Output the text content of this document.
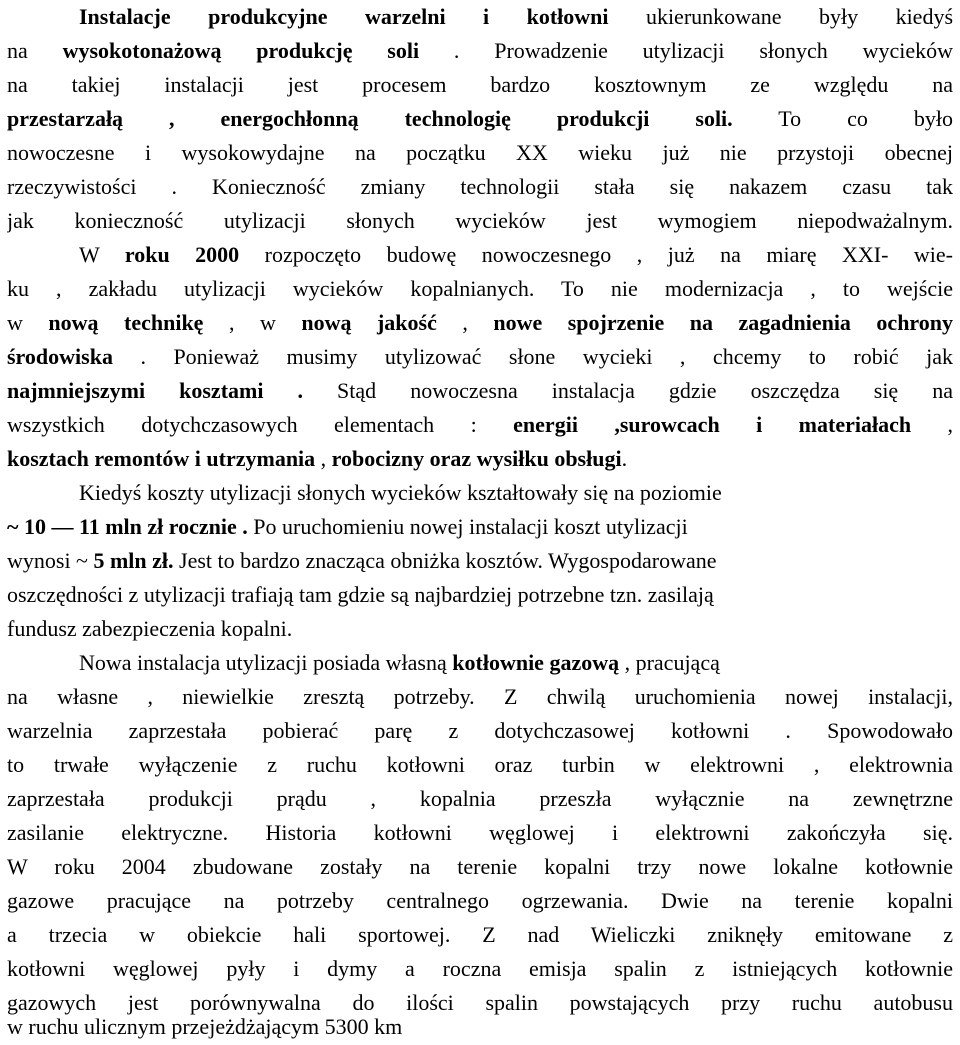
Instalacje produkcyjne warzelni i kotłowni ukierunkowane były kiedyś
na wysokotonażową produkcję soli . Prowadzenie utylizacji słonych wycieków
na takiej instalacji jest procesem bardzo kosztownym ze względu na
przestarzałą , energochłonną technologię produkcji soli. To co było
nowoczesne i wysokowydajne na początku XX wieku już nie przystoji obecnej
rzeczywistości . Konieczność zmiany technologii stała się nakazem czasu tak
jak konieczność utylizacji słonych wycieków jest wymogiem niepodważalnym.
W roku 2000 rozpoczęto budowę nowoczesnego , już na miarę XXI- wie-
ku , zakładu utylizacji wycieków kopalnianych. To nie modernizacja , to wejście
w nową technikę , w nową jakość , nowe spojrzenie na zagadnienia ochrony
środowiska . Ponieważ musimy utylizować słone wycieki , chcemy to robić jak
najmniejszymi kosztami . Stąd nowoczesna instalacja gdzie oszczędza się na
wszystkich dotychczasowych elementach : energii ,surowcach i materiałach ,
kosztach remontów i utrzymania , robocizny oraz wysiłku obsługi.
Kiedyś koszty utylizacji słonych wycieków kształtowały się na poziomie
~ 10 — 11 mln zł rocznie . Po uruchomieniu nowej instalacji koszt utylizacji
wynosi ~ 5 mln zł. Jest to bardzo znacząca obniżka kosztów. Wygospodarowane
oszczędności z utylizacji trafiają tam gdzie są najbardziej potrzebne tzn. zasilają
fundusz zabezpieczenia kopalni.
Nowa instalacja utylizacji posiada własną kotłownie gazową , pracującą
na własne , niewielkie zresztą potrzeby. Z chwilą uruchomienia nowej instalacji,
warzelnia zaprzestała pobierać parę z dotychczasowej kotłowni . Spowodowało
to trwałe wyłączenie z ruchu kotłowni oraz turbin w elektrowni , elektrownia
zaprzestała produkcji prądu , kopalnia przeszła wyłącznie na zewnętrzne
zasilanie elektryczne. Historia kotłowni węglowej i elektrowni zakończyła się.
W roku 2004 zbudowane zostały na terenie kopalni trzy nowe lokalne kotłownie
gazowe pracujące na potrzeby centralnego ogrzewania. Dwie na terenie kopalni
a trzecia w obiekcie hali sportowej. Z nad Wieliczki zniknęły emitowane z
kotłowni węglowej pyły i dymy a roczna emisja spalin z istniejących kotłownie
gazowych jest porównywalna do ilości spalin powstających przy ruchu autobusu
w ruchu ulicznym przejeżdżającym 5300 km
